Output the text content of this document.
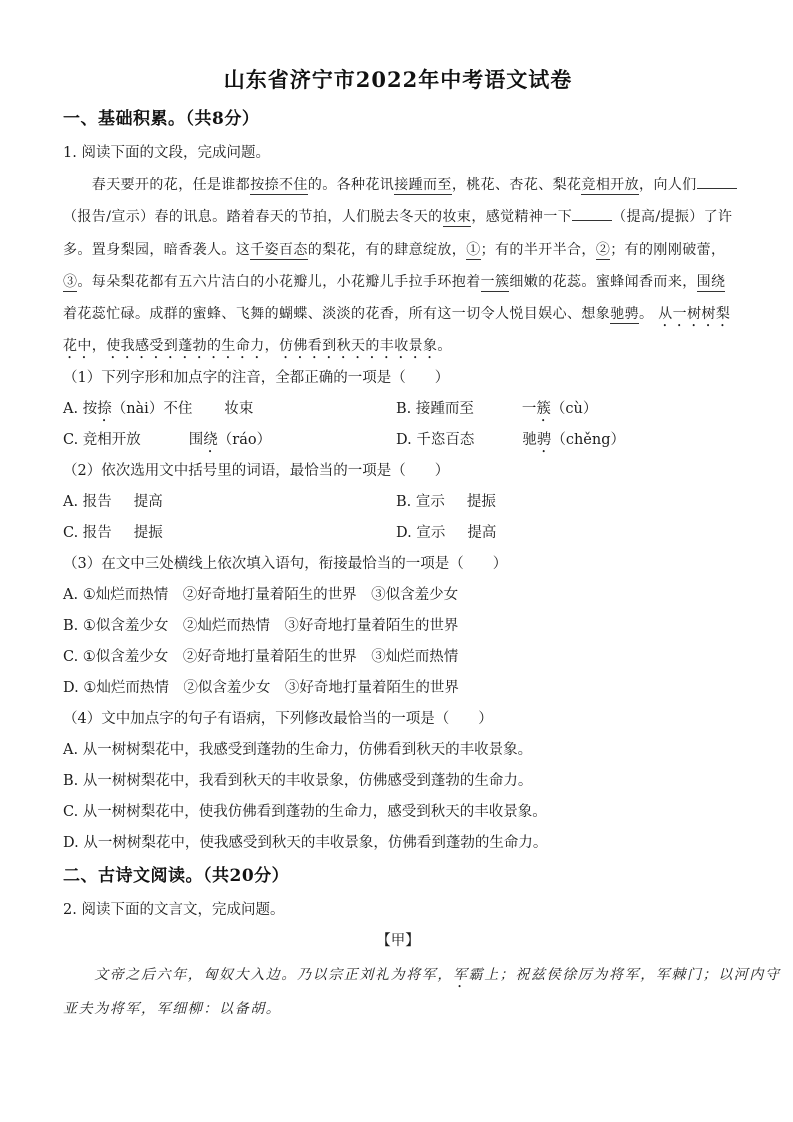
山东省济宁市2022年中考语文试卷
一、基础积累。（共8分）
1. 阅读下面的文段，完成问题。
　　春天要开的花，任是谁都按捺不住的。各种花讯接踵而至，桃花、杏花、梨花竞相开放，向人们
（报告/宣示）春的讯息。踏着春天的节拍，人们脱去冬天的妆束，感觉精神一下	（提高/提振）了许
多。置身梨园，暗香袭人。这千姿百态的梨花，有的肆意绽放，①；有的半开半合，②；有的刚刚破蕾，
③。每朵梨花都有五六片洁白的小花瓣儿，小花瓣儿手拉手环抱着一簇细嫩的花蕊。蜜蜂闻香而来，围绕
着花蕊忙碌。成群的蜜蜂、飞舞的蝴蝶、淡淡的花香，所有这一切令人悦目娱心、想象驰骋。 从一树树梨
花中，使我感受到蓬勃的生命力，仿佛看到秋天的丰收景象。
（1）下列字形和加点字的注音，全都正确的一项是（　　）
A. 按捺（nài）不住 妆束	B. 接踵而至	一簇（cù）
C. 竞相开放	围绕（ráo）	D. 千恣百态	驰骋（chěng）
（2）依次选用文中括号里的词语，最恰当的一项是（　　）
A. 报告 提高	B. 宣示 提振
C. 报告 提振	D. 宣示 提高
（3）在文中三处横线上依次填入语句，衔接最恰当的一项是（　　）
A. ①灿烂而热情　②好奇地打量着陌生的世界　③似含羞少女
B. ①似含羞少女　②灿烂而热情　③好奇地打量着陌生的世界
C. ①似含羞少女　②好奇地打量着陌生的世界　③灿烂而热情
D. ①灿烂而热情　②似含羞少女　③好奇地打量着陌生的世界
（4）文中加点字的句子有语病，下列修改最恰当的一项是（　　）
A. 从一树树梨花中，我感受到蓬勃的生命力，仿佛看到秋天的丰收景象。
B. 从一树树梨花中，我看到秋天的丰收景象，仿佛感受到蓬勃的生命力。
C. 从一树树梨花中，使我仿佛看到蓬勃的生命力，感受到秋天的丰收景象。
D. 从一树树梨花中，使我感受到秋天的丰收景象，仿佛看到蓬勃的生命力。
二、古诗文阅读。（共20分）
2. 阅读下面的文言文，完成问题。
【甲】
　　文帝之后六年，匈奴大入边。乃以宗正刘礼为将军，军霸上；祝兹侯徐厉为将军，军棘门；以河内守
亚夫为将军，军细柳：以备胡。
